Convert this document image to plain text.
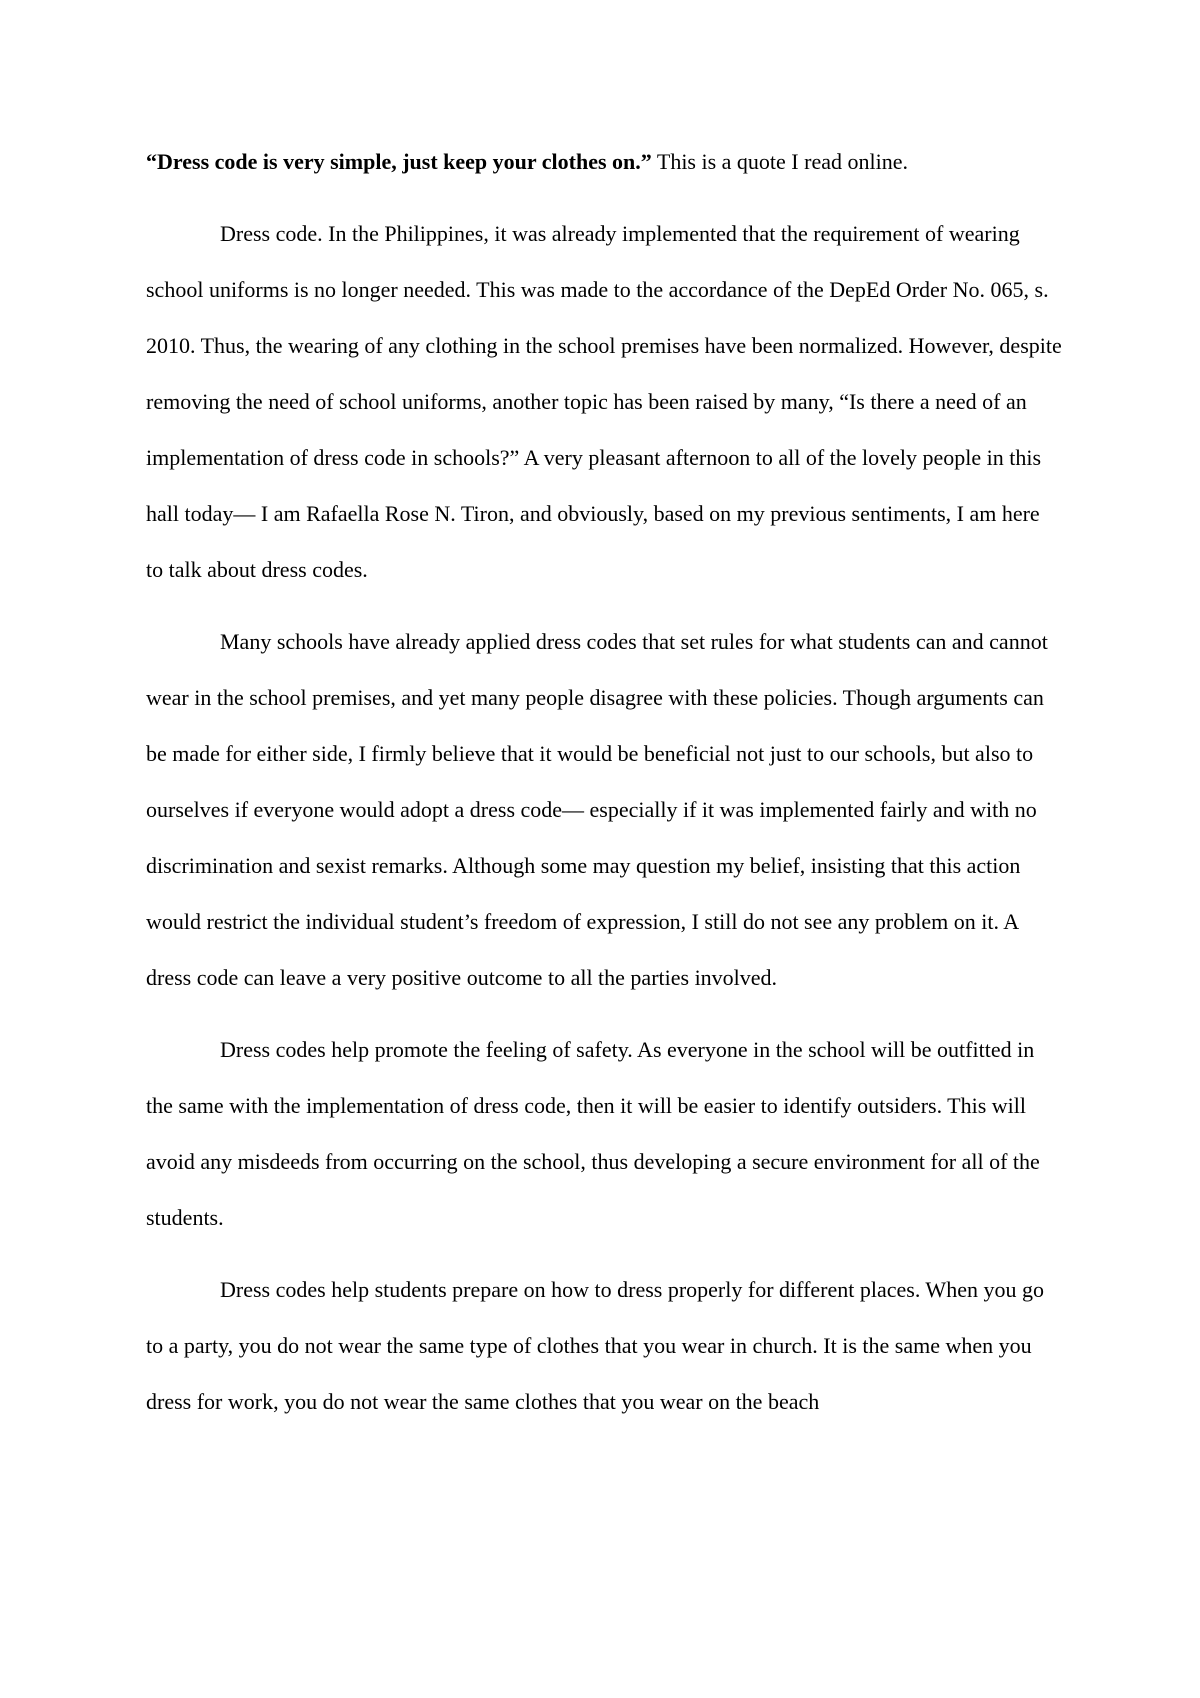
“Dress code is very simple, just keep your clothes on.” This is a quote I read online.

Dress code. In the Philippines, it was already implemented that the requirement of wearing school uniforms is no longer needed. This was made to the accordance of the DepEd Order No. 065, s. 2010. Thus, the wearing of any clothing in the school premises have been normalized. However, despite removing the need of school uniforms, another topic has been raised by many, “Is there a need of an implementation of dress code in schools?” A very pleasant afternoon to all of the lovely people in this hall today— I am Rafaella Rose N. Tiron, and obviously, based on my previous sentiments, I am here to talk about dress codes.

Many schools have already applied dress codes that set rules for what students can and cannot wear in the school premises, and yet many people disagree with these policies. Though arguments can be made for either side, I firmly believe that it would be beneficial not just to our schools, but also to ourselves if everyone would adopt a dress code— especially if it was implemented fairly and with no discrimination and sexist remarks. Although some may question my belief, insisting that this action would restrict the individual student’s freedom of expression, I still do not see any problem on it. A dress code can leave a very positive outcome to all the parties involved.

Dress codes help promote the feeling of safety. As everyone in the school will be outfitted in the same with the implementation of dress code, then it will be easier to identify outsiders. This will avoid any misdeeds from occurring on the school, thus developing a secure environment for all of the students.

Dress codes help students prepare on how to dress properly for different places. When you go to a party, you do not wear the same type of clothes that you wear in church. It is the same when you dress for work, you do not wear the same clothes that you wear on the beach
